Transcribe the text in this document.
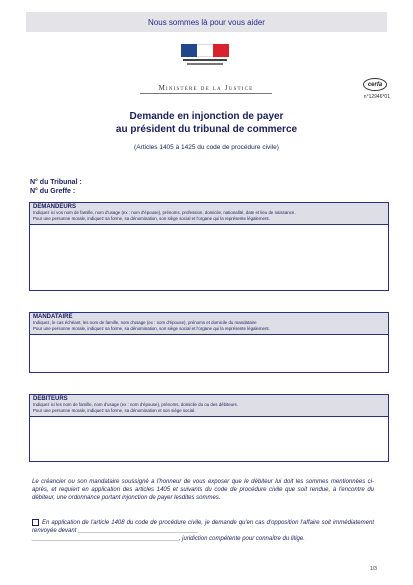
Nous sommes là pour vous aider
Ministère de la Justice	cerfa
n°12946*01
Demande en injonction de payer
au président du tribunal de commerce
(Articles 1405 à 1425 du code de procédure civile)
N° du Tribunal :
N° du Greffe :
DEMANDEURS
Indiquez ici vos nom de famille, nom d'usage (ex : nom d'épouse), prénoms, profession, domicile, nationalité, date et lieu de naissance.
Pour une personne morale, indiquez sa forme, sa dénomination, son siège social et l'organe qui la représente légalement.
MANDATAIRE
Indiquez, le cas échéant, les nom de famille, nom d'usage (ex : nom d'épouse), prénoms et domicile du mandataire
Pour une personne morale, indiquez sa forme, sa dénomination, son siège social et l'organe qui la représente légalement.
DEBITEURS
Indiquez ici les nom de famille, nom d'usage (ex : nom d'épouse), prénoms, domicile du ou des débiteurs.
Pour une personne morale, indiquez sa forme, sa dénomination et son siège social.
Le créancier ou son mandataire soussigné a l'honneur de vous exposer que le débiteur lui doit les sommes mentionnées ci-après, et requiert en application des articles 1405 et suivants du code de procédure civile que soit rendue, à l'encontre du débiteur, une ordonnance portant injonction de payer lesdites sommes.
En application de l'article 1408 du code de procédure civile, je demande qu'en cas d'opposition l'affaire soit immédiatement renvoyée devant ____________________________________
____________________________________________, juridiction compétente pour connaître du litige.
1/3
